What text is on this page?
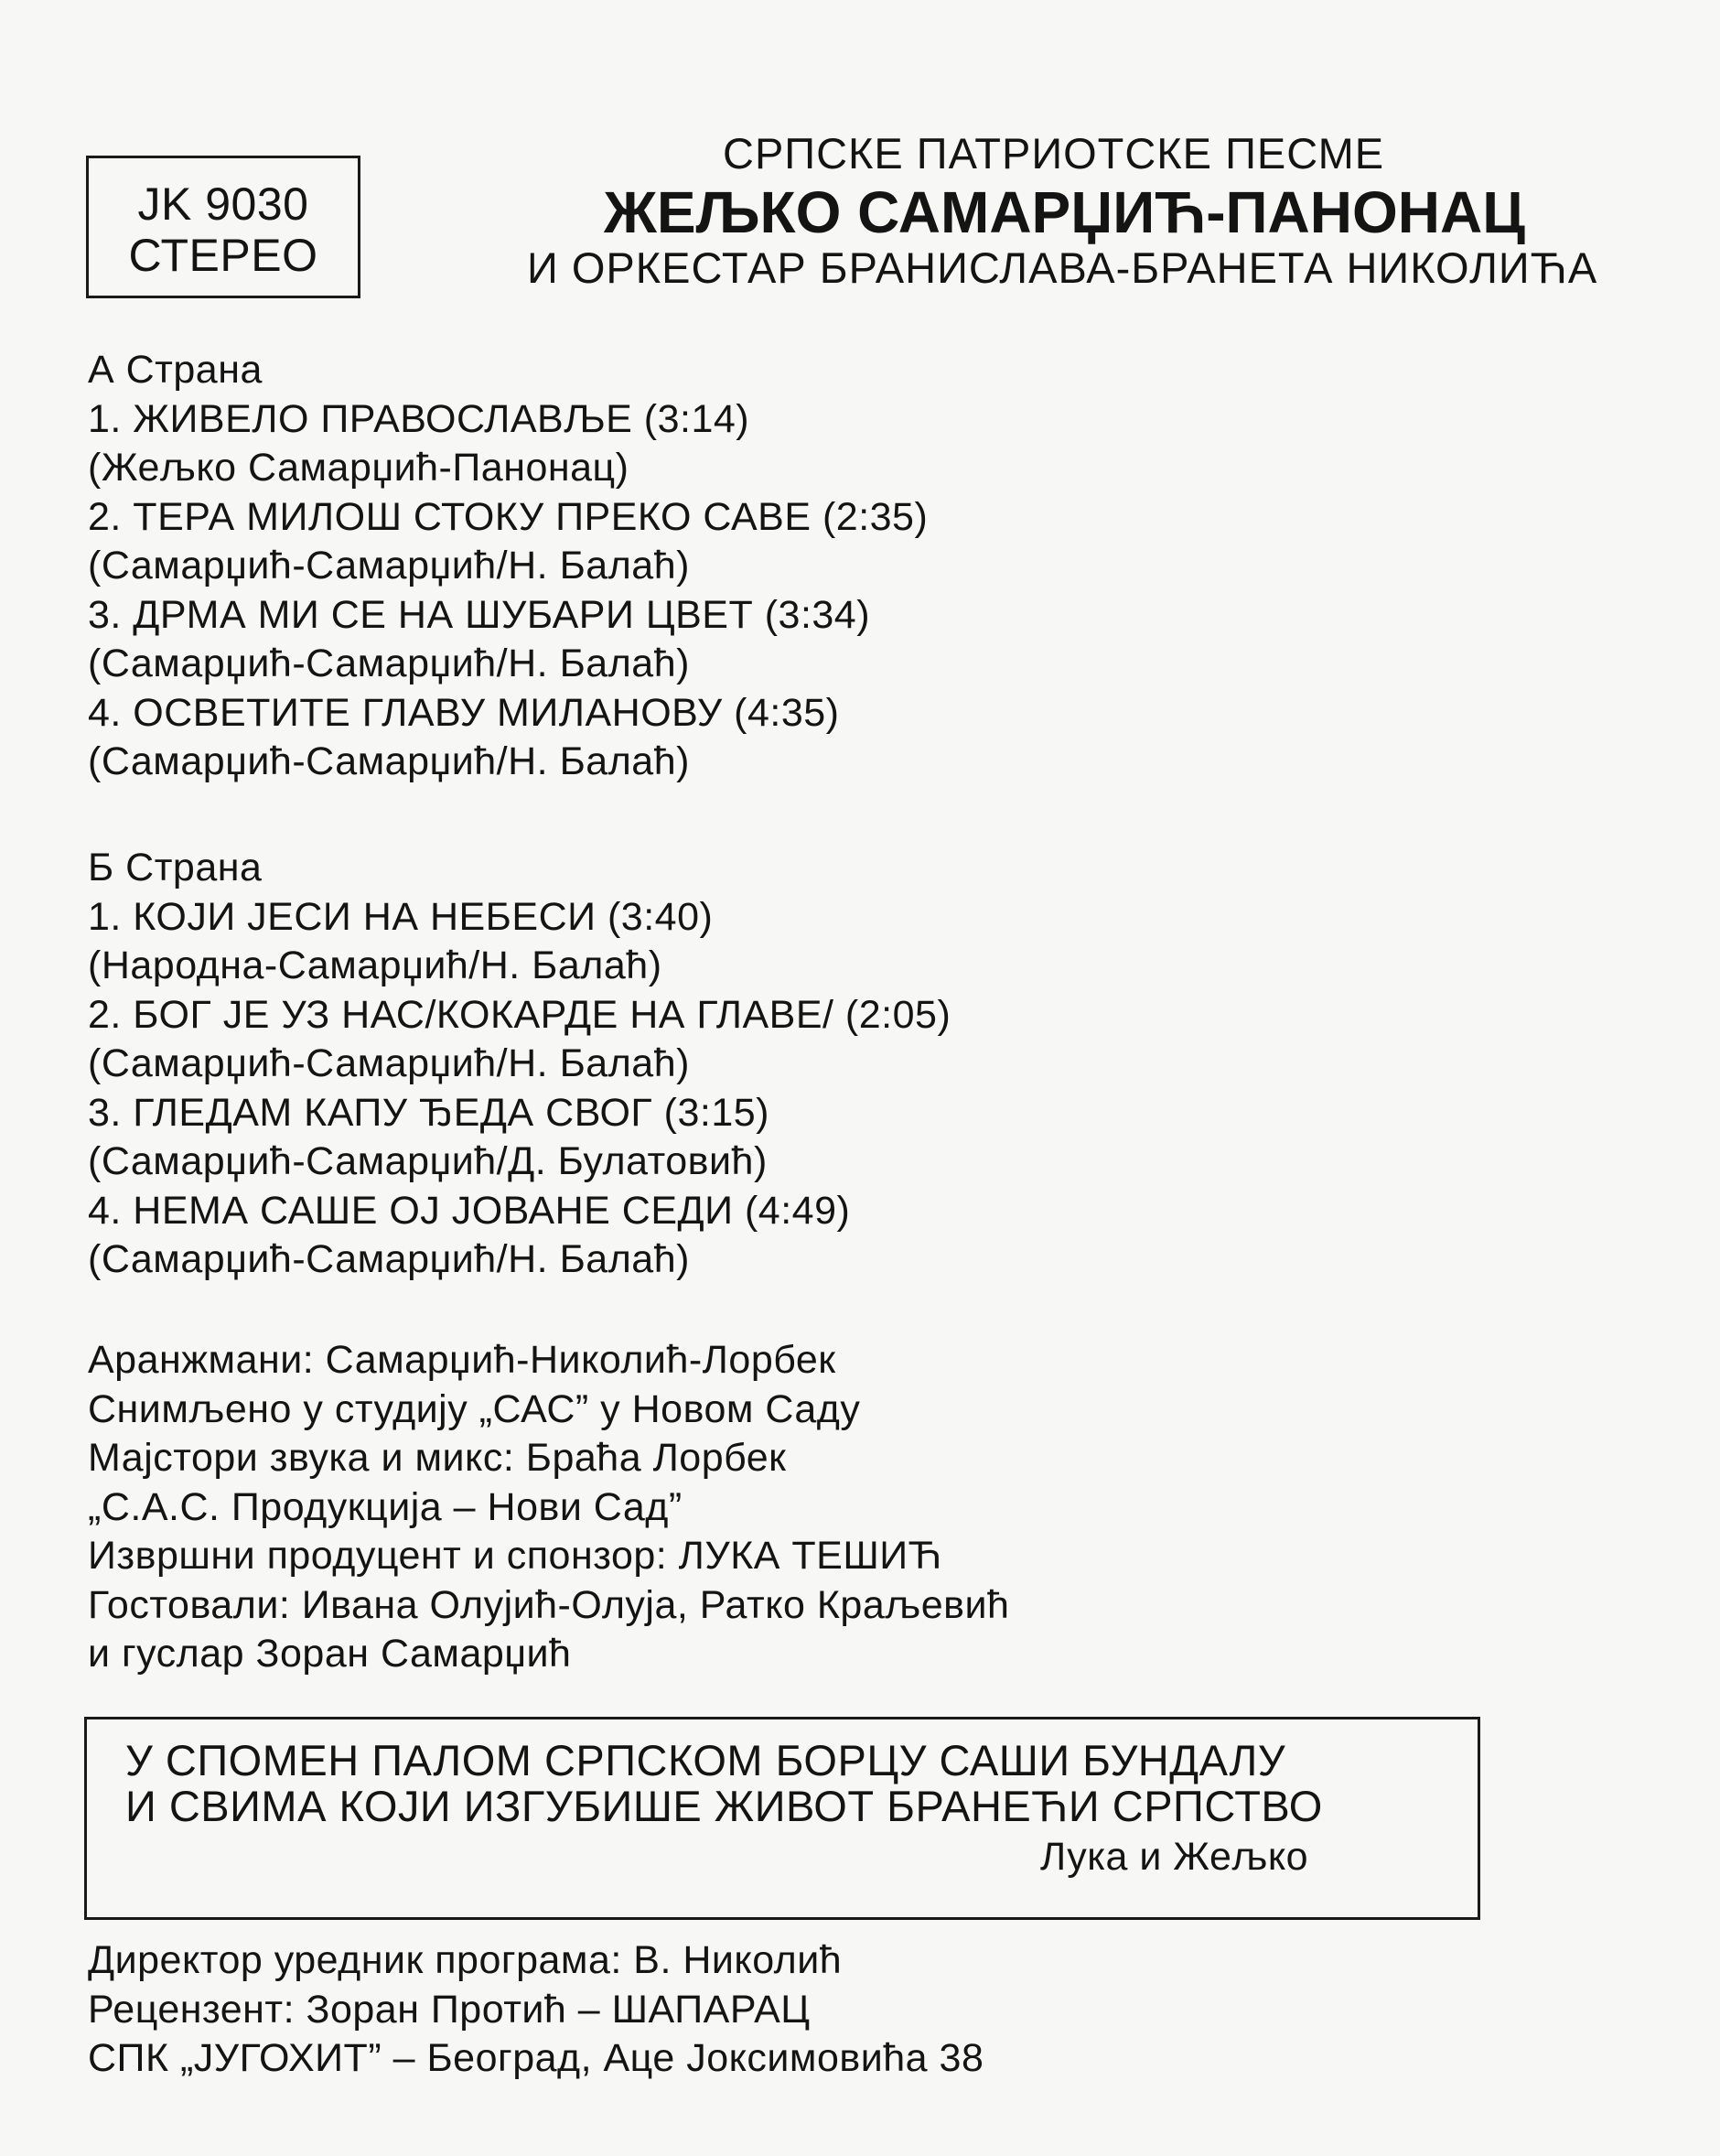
JK 9030
СТЕРЕО
СРПСКЕ ПАТРИОТСКЕ ПЕСМЕ
ЖЕЉКО САМАРЏИЋ-ПАНОНАЦ
И ОРКЕСТАР БРАНИСЛАВА-БРАНЕТА НИКОЛИЋА
А Страна
1. ЖИВЕЛО ПРАВОСЛАВЉЕ (3:14)
(Жељко Самарџић-Панонац)
2. ТЕРА МИЛОШ СТОКУ ПРЕКО САВЕ (2:35)
(Самарџић-Самарџић/Н. Балаћ)
3. ДРМА МИ СЕ НА ШУБАРИ ЦВЕТ (3:34)
(Самарџић-Самарџић/Н. Балаћ)
4. ОСВЕТИТЕ ГЛАВУ МИЛАНОВУ (4:35)
(Самарџић-Самарџић/Н. Балаћ)
Б Страна
1. КОЈИ ЈЕСИ НА НЕБЕСИ (3:40)
(Народна-Самарџић/Н. Балаћ)
2. БОГ ЈЕ УЗ НАС/КОКАРДЕ НА ГЛАВЕ/ (2:05)
(Самарџић-Самарџић/Н. Балаћ)
3. ГЛЕДАМ КАПУ ЂЕДА СВОГ (3:15)
(Самарџић-Самарџић/Д. Булатовић)
4. НЕМА САШЕ ОЈ ЈОВАНЕ СЕДИ (4:49)
(Самарџић-Самарџић/Н. Балаћ)
Аранжмани: Самарџић-Николић-Лорбек
Снимљено у студију „САС” у Новом Саду
Мајстори звука и микс: Браћа Лорбек
„С.А.С. Продукција – Нови Сад”
Извршни продуцент и спонзор: ЛУКА ТЕШИЋ
Гостовали: Ивана Олујић-Олуја, Ратко Краљевић
и гуслар Зоран Самарџић
У СПОМЕН ПАЛОМ СРПСКОМ БОРЦУ САШИ БУНДАЛУ
И СВИМА КОЈИ ИЗГУБИШЕ ЖИВОТ БРАНЕЋИ СРПСТВО
Лука и Жељко
Директор уредник програма: В. Николић
Рецензент: Зоран Протић – ШАПАРАЦ
СПК „ЈУГОХИТ” – Београд, Аце Јоксимовића 38
